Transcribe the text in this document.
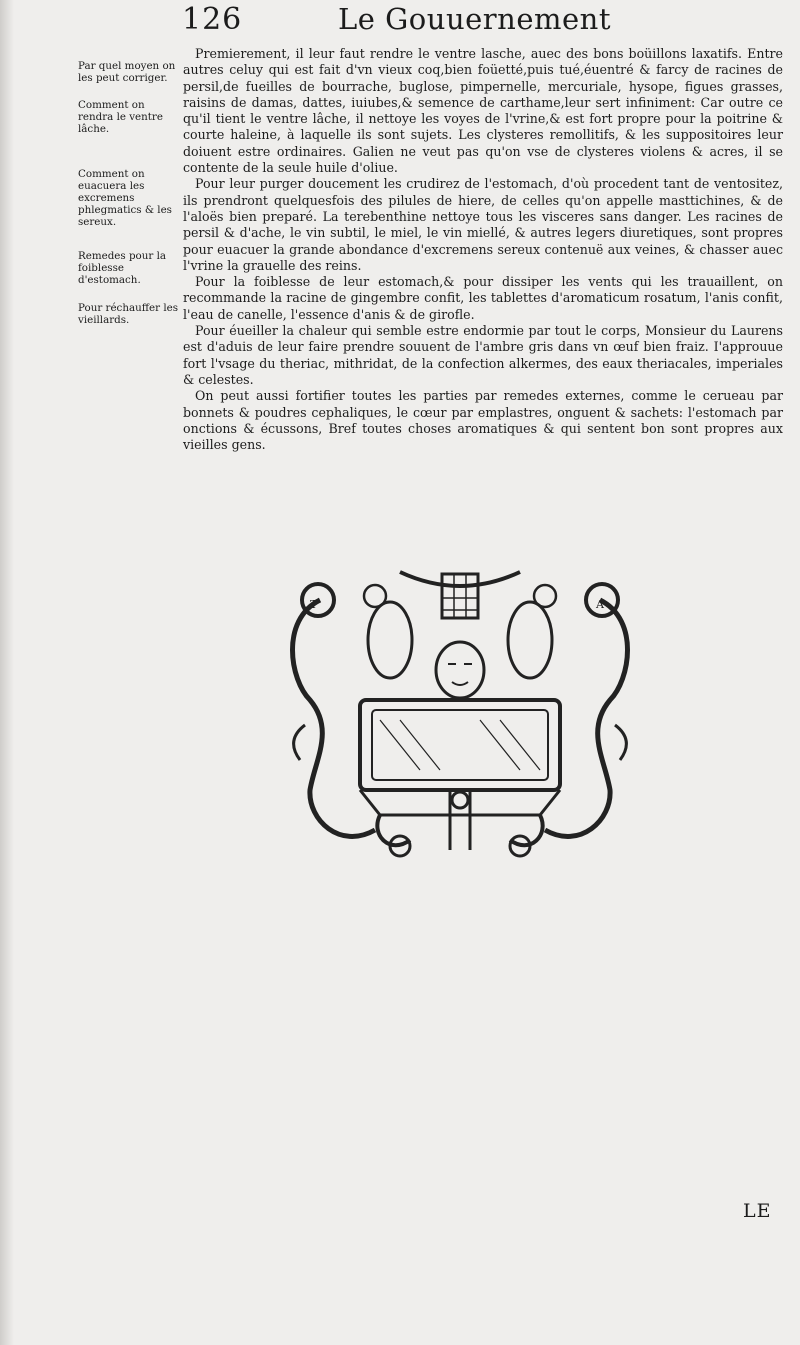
126	Le Gouuernement
Par quel moyen on les peut corriger.
Comment on rendra le ventre lâche.
Comment on euacuera les excremens phlegmatics & les sereux.
Remedes pour la foiblesse d'estomach.
Pour réchauffer les vieillards.

Premierement, il leur faut rendre le ventre lasche, auec des bons boüillons laxatifs. Entre autres celuy qui est fait d'vn vieux coq,bien foüetté,puis tué,éuentré & farcy de racines de persil,de fueilles de bourrache, buglose, pimpernelle, mercuriale, hysope, figues grasses, raisins de damas, dattes, iuiubes,& semence de carthame,leur sert infiniment: Car outre ce qu'il tient le ventre lâche, il nettoye les voyes de l'vrine,& est fort propre pour la poitrine & courte haleine, à laquelle ils sont sujets. Les clysteres remollitifs, & les suppositoires leur doiuent estre ordinaires. Galien ne veut pas qu'on vse de clysteres violens & acres, il se contente de la seule huile d'oliue.

Pour leur purger doucement les crudirez de l'estomach, d'où procedent tant de ventositez, ils prendront quelquesfois des pilules de hiere, de celles qu'on appelle masttichines, & de l'aloës bien preparé. La terebenthine nettoye tous les visceres sans danger. Les racines de persil & d'ache, le vin subtil, le miel, le vin miellé, & autres legers diuretiques, sont propres pour euacuer la grande abondance d'excremens sereux contenuë aux veines, & chasser auec l'vrine la grauelle des reins.

Pour la foiblesse de leur estomach,& pour dissiper les vents qui les trauaillent, on recommande la racine de gingembre confit, les tablettes d'aromaticum rosatum, l'anis confit, l'eau de canelle, l'essence d'anis & de girofle.

Pour éueiller la chaleur qui semble estre endormie par tout le corps, Monsieur du Laurens est d'aduis de leur faire prendre souuent de l'ambre gris dans vn œuf bien fraiz. I'approuue fort l'vsage du theriac, mithridat, de la confection alkermes, des eaux theriacales, imperiales & celestes.

On peut aussi fortifier toutes les parties par remedes externes, comme le cerueau par bonnets & poudres cephaliques, le cœur par emplastres, onguent & sachets: l'estomach par onctions & écussons, Bref toutes choses aromatiques & qui sentent bon sont propres aux vieilles gens.

T	A
LE
